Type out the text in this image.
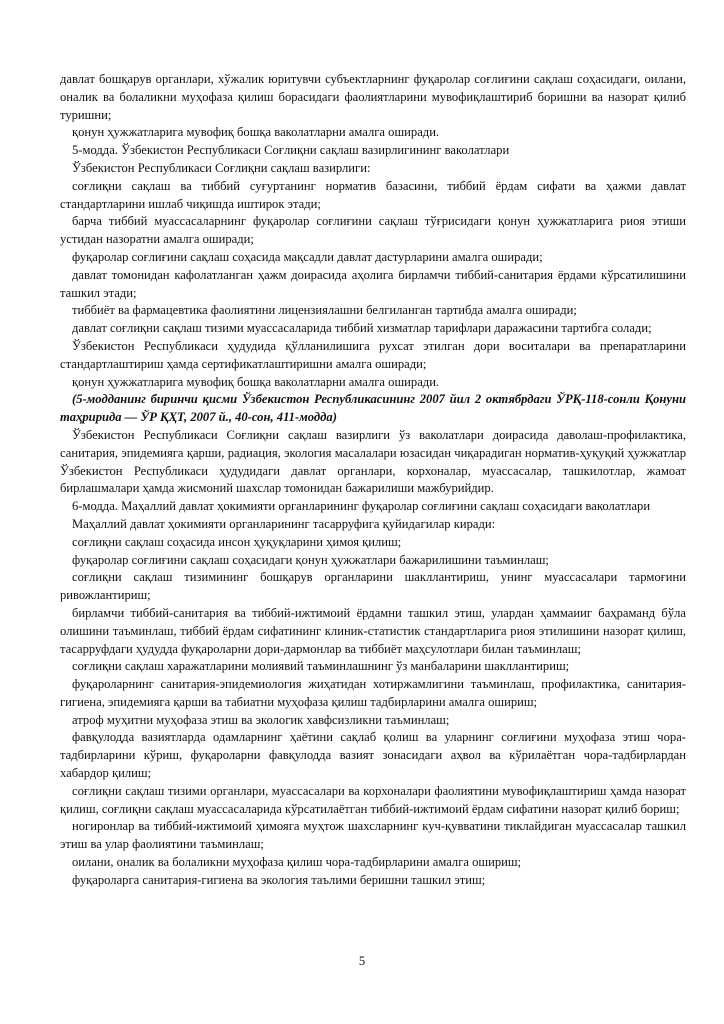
давлат бошқарув органлари, хўжалик юритувчи субъектларнинг фуқаролар соғлиғини сақлаш соҳасидаги, оилани, оналик ва болаликни муҳофаза қилиш борасидаги фаолиятларини мувофиқлаштириб боришни ва назорат қилиб туришни;

қонун ҳужжатларига мувофиқ бошқа ваколатларни амалга оширади.

5-модда. Ўзбекистон Республикаси Соғлиқни сақлаш вазирлигининг ваколатлари

Ўзбекистон Республикаси Соғлиқни сақлаш вазирлиги:

соғлиқни сақлаш ва тиббий суғуртанинг норматив базасини, тиббий ёрдам сифати ва ҳажми давлат стандартларини ишлаб чиқишда иштирок этади;

барча тиббий муассасаларнинг фуқаролар соғлиғини сақлаш тўғрисидаги қонун ҳужжатларига риоя этиши устидан назоратни амалга оширади;

фуқаролар соғлиғини сақлаш соҳасида мақсадли давлат дастурларини амалга оширади;

давлат томонидан кафолатланган ҳажм доирасида аҳолига бирламчи тиббий-санитария ёрдами кўрсатилишини ташкил этади;

тиббиёт ва фармацевтика фаолиятини лицензиялашни белгиланган тартибда амалга оширади;

давлат соғлиқни сақлаш тизими муассасаларида тиббий хизматлар тарифлари даражасини тартибга солади;

Ўзбекистон Республикаси ҳудудида қўлланилишига рухсат этилган дори воситалари ва препаратларини стандартлаштириш ҳамда сертификатлаштиришни амалга оширади;

қонун ҳужжатларига мувофиқ бошқа ваколатларни амалга оширади.

(5-модданинг биринчи қисми Ўзбекистон Республикасининг 2007 йил 2 октябрдаги ЎРҚ-118-сонли Қонуни таҳририда — ЎР ҚҲТ, 2007 й., 40-сон, 411-модда)

Ўзбекистон Республикаси Соғлиқни сақлаш вазирлиги ўз ваколатлари доирасида даволаш-профилактика, санитария, эпидемияга қарши, радиация, экология масалалари юзасидан чиқарадиган норматив-ҳуқуқий ҳужжатлар Ўзбекистон Республикаси ҳудудидаги давлат органлари, корхоналар, муассасалар, ташкилотлар, жамоат бирлашмалари ҳамда жисмоний шахслар томонидан бажарилиши мажбурийдир.

6-модда. Маҳаллий давлат ҳокимияти органларининг фуқаролар соғлиғини сақлаш соҳасидаги ваколатлари

Маҳаллий давлат ҳокимияти органларининг тасарруфига қуйидагилар киради:

соғлиқни сақлаш соҳасида инсон ҳуқуқларини ҳимоя қилиш;

фуқаролар соғлиғини сақлаш соҳасидаги қонун ҳужжатлари бажарилишини таъминлаш;

соғлиқни сақлаш тизимининг бошқарув органларини шакллантириш, унинг муассасалари тармоғини ривожлантириш;

бирламчи тиббий-санитария ва тиббий-ижтимоий ёрдамни ташкил этиш, улардан ҳаммаииг баҳраманд бўла олишини таъминлаш, тиббий ёрдам сифатининг клиник-статистик стандартларига риоя этилишини назорат қилиш, тасарруфдаги ҳудудда фуқароларни дори-дармонлар ва тиббиёт маҳсулотлари билан таъминлаш;

соғлиқни сақлаш харажатларини молиявий таъминлашнинг ўз манбаларини шакллантириш;

фуқароларнинг санитария-эпидемиология жиҳатидан хотиржамлигини таъминлаш, профилактика, санитария-гигиена, эпидемияга қарши ва табиатни муҳофаза қилиш тадбирларини амалга ошириш;

атроф муҳитни муҳофаза этиш ва экологик хавфсизликни таъминлаш;

фавқулодда вазиятларда одамларнинг ҳаётини сақлаб қолиш ва уларнинг соғлиғини муҳофаза этиш чора-тадбирларини кўриш, фуқароларни фавқулодда вазият зонасидаги аҳвол ва кўрилаётган чора-тадбирлардан хабардор қилиш;

соғлиқни сақлаш тизими органлари, муассасалари ва корхоналари фаолиятини мувофиқлаштириш ҳамда назорат қилиш, соғлиқни сақлаш муассасаларида кўрсатилаётган тиббий-ижтимоий ёрдам сифатини назорат қилиб бориш;

ногиронлар ва тиббий-ижтимоий ҳимояга муҳтож шахсларнинг куч-қувватини тиклайдиган муассасалар ташкил этиш ва улар фаолиятини таъминлаш;

оилани, оналик ва болаликни муҳофаза қилиш чора-тадбирларини амалга ошириш;

фуқароларга санитария-гигиена ва экология таълими беришни ташкил этиш;

5
